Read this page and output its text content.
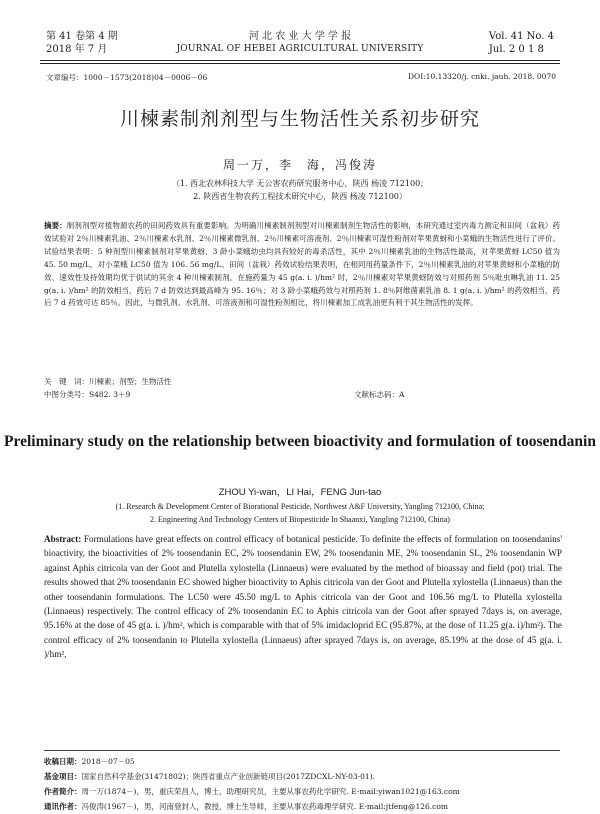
第 41 卷第 4 期
2018 年 7 月
河 北 农 业 大 学 学 报
JOURNAL OF HEBEI AGRICULTURAL UNIVERSITY
Vol. 41 No. 4
Jul. 2 0 1 8
文章编号：1000－1573(2018)04－0006－06	DOI:10.13320/j. cnki. jauh. 2018. 0070
川楝素制剂剂型与生物活性关系初步研究
周一万，李　海，冯俊涛
（1. 西北农林科技大学 无公害农药研究服务中心，陕西 杨凌 712100；
2. 陕西省生物农药工程技术研究中心，陕西 杨凌 712100）
摘要：制剂剂型对植物源农药的田间药效具有重要影响。为明确川楝素制剂剂型对川楝素制剂生物活性的影响，本研究通过室内毒力测定和田间（盆栽）药效试验对 2％川楝素乳油、2％川楝素水乳剂、2％川楝素微乳剂、2％川楝素可溶液剂、2％川楝素可湿性粉剂对苹果黄蚜和小菜蛾的生物活性进行了评价。试验结果表明：5 种剂型川楝素制剂对苹果黄蚜、3 龄小菜蛾幼虫均具有较好的毒杀活性，其中 2％川楝素乳油的生物活性最高，对苹果黄蚜 LC50 值为 45. 50 mg/L，对小菜蛾 LC50 值为 106. 56 mg/L。田间（盆栽）药效试验结果表明，在相同用药量条件下，2％川楝素乳油的对苹果黄蚜和小菜蛾的防效、速效性及持效期均优于供试的其余 4 种川楝素制剂。在施药量为 45 g(a. i. )/hm² 时，2％川楝素对苹果黄蚜防效与对照药剂 5％吡虫啉乳油 11. 25 g(a. i. )/hm² 的防效相当，药后 7 d 防效达到最高峰为 95. 16％；对 3 龄小菜蛾药效与对照药剂 1. 8％阿维菌素乳油 8. 1 g(a. i. )/hm² 的药效相当，药后 7 d 药效可达 85％。因此，与微乳剂、水乳剂、可溶液剂和可湿性粉剂相比，将川楝素加工成乳油更有利于其生物活性的发挥。
关　键　词：川楝素；剂型；生物活性
中图分类号：S482. 3＋9	文献标志码：A
Preliminary study on the relationship between bioactivity and formulation of toosendanin
ZHOU Yi-wan，LI Hai，FENG Jun-tao
(1. Research & Development Center of Biorational Pesticide, Northwest A&F University, Yangling 712100, China;
2. Engineering And Technology Centers of Biopesticide In Shaanxi, Yangling 712100, China)
Abstract: Formulations have great effects on control efficacy of botanical pesticide. To definite the effects of formulation on toosendanins' bioactivity, the bioactivities of 2% toosendanin EC, 2% toosendanin EW, 2% toosendanin ME, 2% toosendanin SL, 2% toosendanin WP against Aphis citricola van der Goot and Plutella xylostella (Linnaeus) were evaluated by the method of bioassay and field (pot) trial. The results showed that 2% toosendanin EC showed higher bioactivity to Aphis citricola van der Goot and Plutella xylostella (Linnaeus) than the other toosendanin formulations. The LC50 were 45.50 mg/L to Aphis citricola van der Goot and 106.56 mg/L to Plutella xylostella (Linnaeus) respectively. The control efficacy of 2% toosendanin EC to Aphis citricola van der Goot after sprayed 7days is, on average, 95.16% at the dose of 45 g(a. i. )/hm², which is comparable with that of 5% imidacloprid EC (95.87%, at the dose of 11.25 g(a. i)/hm²). The control efficacy of 2% toosendanin to Plutella xylostella (Linnaeus) after sprayed 7days is, on average, 85.19% at the dose of 45 g(a. i. )/hm²,
收稿日期：2018－07－05
基金项目：国家自然科学基金(31471802)；陕西省重点产业创新链项目(2017ZDCXL-NY-03-01).
作者简介：周一万(1874－)，男，重庆荣昌人，博士，助理研究员，主要从事农药化学研究. E-mail:yiwan1021@163.com
通讯作者：冯俊涛(1967－)，男，河南登封人，教授，博士生导师，主要从事农药毒理学研究. E-mail:jtfeng@126.com
